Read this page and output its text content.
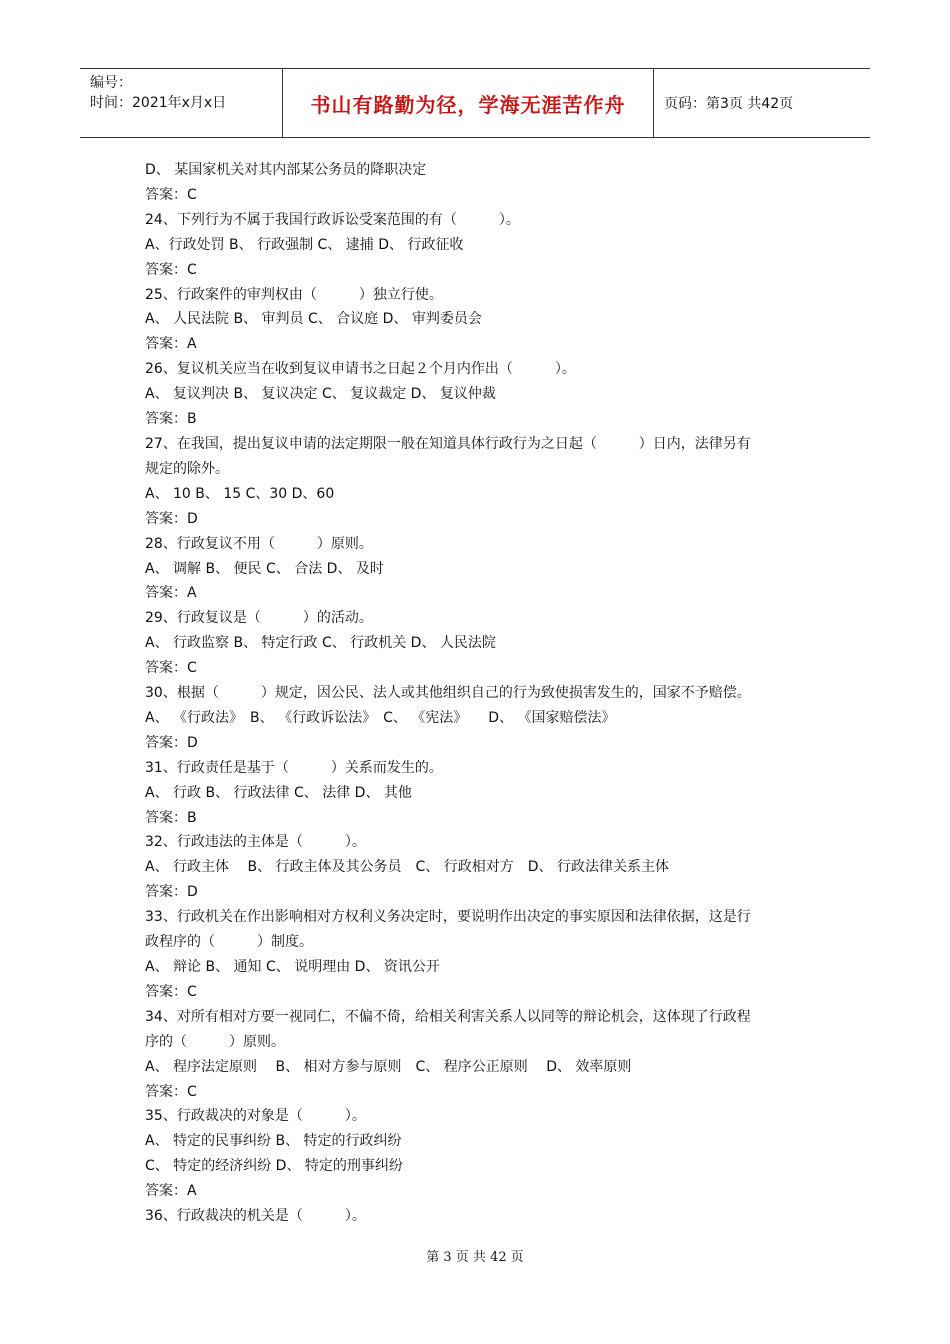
编号：
时间：2021年x月x日	书山有路勤为径，学海无涯苦作舟	页码：第3页 共42页
D、 某国家机关对其内部某公务员的降职决定
答案：C
24、下列行为不属于我国行政诉讼受案范围的有（　　　）。
A、行政处罚 B、 行政强制 C、 逮捕 D、 行政征收
答案：C
25、行政案件的审判权由（　　　）独立行使。
A、 人民法院 B、 审判员 C、 合议庭 D、 审判委员会
答案：A
26、复议机关应当在收到复议申请书之日起２个月内作出（　　　）。
A、 复议判决 B、 复议决定 C、 复议裁定 D、 复议仲裁
答案：B
27、在我国，提出复议申请的法定期限一般在知道具体行政行为之日起（　　　）日内，法律另有
规定的除外。
A、 10 B、 15 C、30 D、60
答案：D
28、行政复议不用（　　　）原则。
A、 调解 B、 便民 C、 合法 D、 及时
答案：A
29、行政复议是（　　　）的活动。
A、 行政监察 B、 特定行政 C、 行政机关 D、 人民法院
答案：C
30、根据（　　　）规定，因公民、法人或其他组织自己的行为致使损害发生的，国家不予赔偿。
A、 《行政法》　B、 《行政诉讼法》　C、 《宪法》　　D、 《国家赔偿法》
答案：D
31、行政责任是基于（　　　）关系而发生的。
A、 行政 B、 行政法律 C、 法律 D、 其他
答案：B
32、行政违法的主体是（　　　）。
A、 行政主体　 B、 行政主体及其公务员　C、 行政相对方　D、 行政法律关系主体
答案：D
33、行政机关在作出影响相对方权利义务决定时，要说明作出决定的事实原因和法律依据，这是行
政程序的（　　　）制度。
A、 辩论 B、 通知 C、 说明理由 D、 资讯公开
答案：C
34、对所有相对方要一视同仁，不偏不倚，给相关利害关系人以同等的辩论机会，这体现了行政程
序的（　　　）原则。
A、 程序法定原则　 B、 相对方参与原则　C、 程序公正原则　 D、 效率原则
答案：C
35、行政裁决的对象是（　　　）。
A、 特定的民事纠纷 B、 特定的行政纠纷
C、 特定的经济纠纷 D、 特定的刑事纠纷
答案：A
36、行政裁决的机关是（　　　）。
第 3 页 共 42 页
